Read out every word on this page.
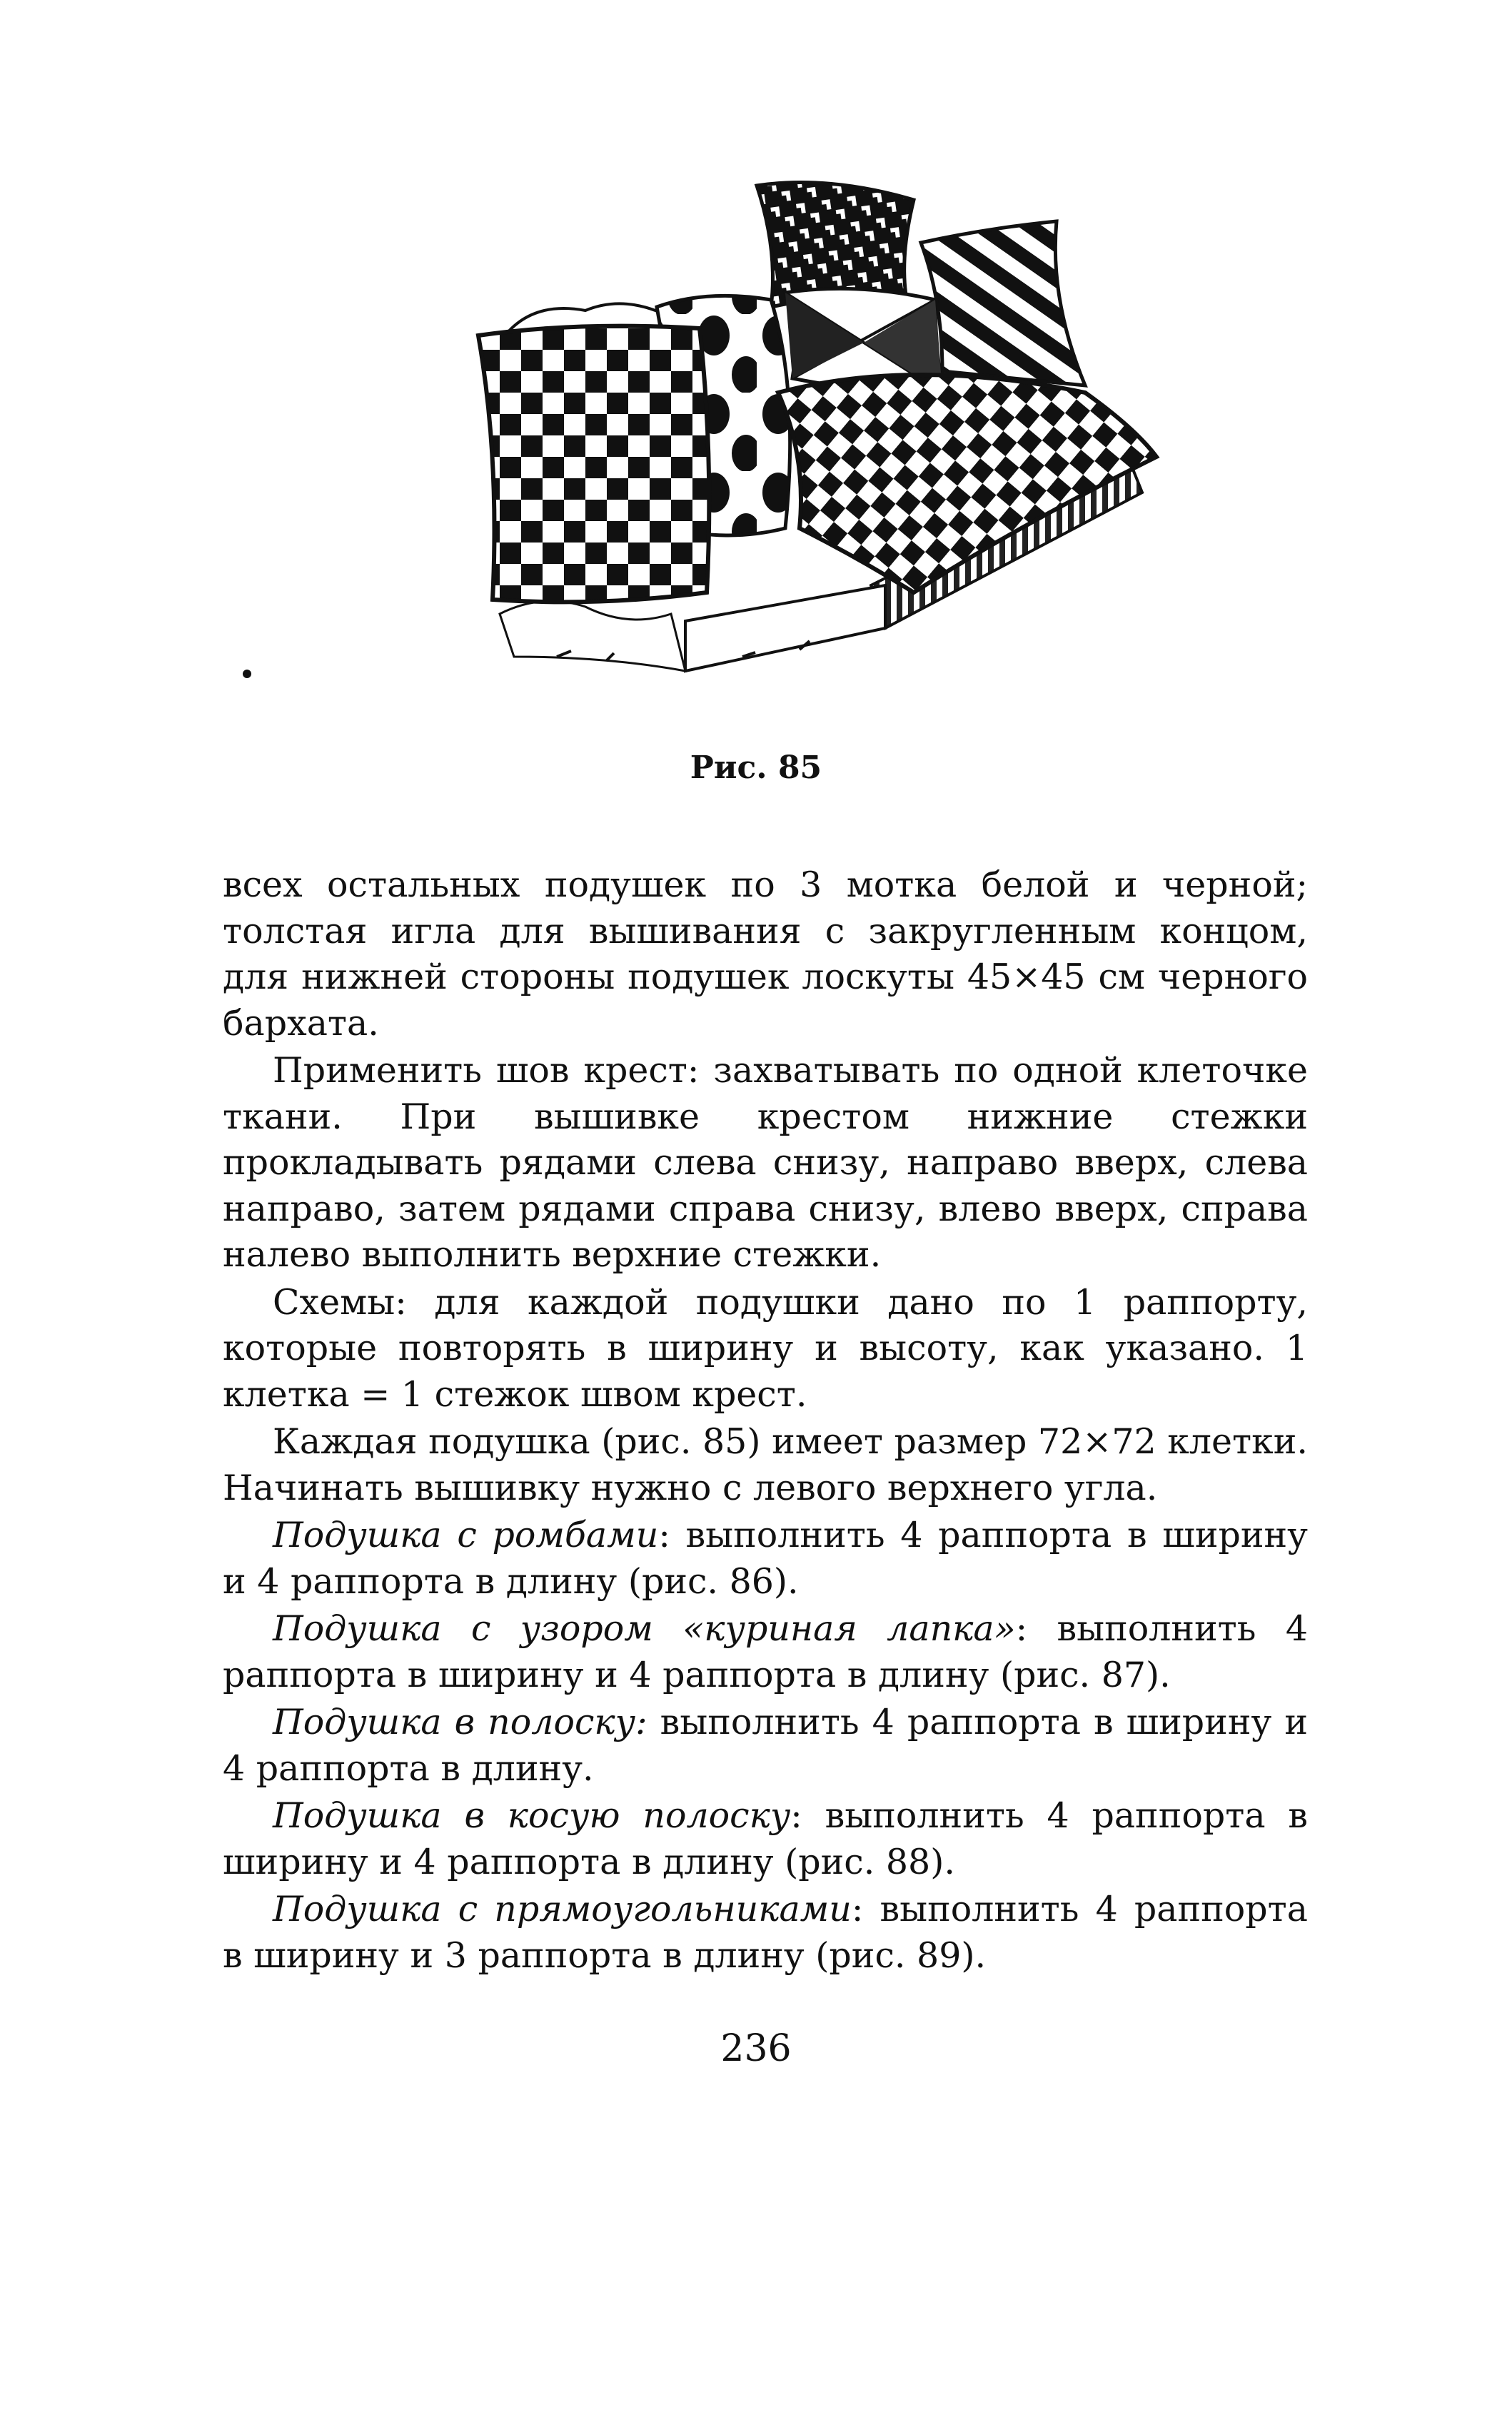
Рис. 85

всех остальных подушек по 3 мотка белой и черной; толстая игла для вышивания с закругленным концом, для нижней стороны подушек лоскуты 45×45 см черного бархата.

Применить шов крест: захватывать по одной клеточке ткани. При вышивке крестом нижние стежки прокладывать рядами слева снизу, направо вверх, слева направо, затем рядами справа снизу, влево вверх, справа налево выполнить верхние стежки.

Схемы: для каждой подушки дано по 1 раппорту, которые повторять в ширину и высоту, как указано. 1 клетка = 1 стежок швом крест.

Каждая подушка (рис. 85) имеет размер 72×72 клетки. Начинать вышивку нужно с левого верхнего угла.

Подушка с ромбами: выполнить 4 раппорта в ширину и 4 раппорта в длину (рис. 86).

Подушка с узором «куриная лапка»: выполнить 4 раппорта в ширину и 4 раппорта в длину (рис. 87).

Подушка в полоску: выполнить 4 раппорта в ширину и 4 раппорта в длину.

Подушка в косую полоску: выполнить 4 раппорта в ширину и 4 раппорта в длину (рис. 88).

Подушка с прямоугольниками: выполнить 4 раппорта в ширину и 3 раппорта в длину (рис. 89).

236
